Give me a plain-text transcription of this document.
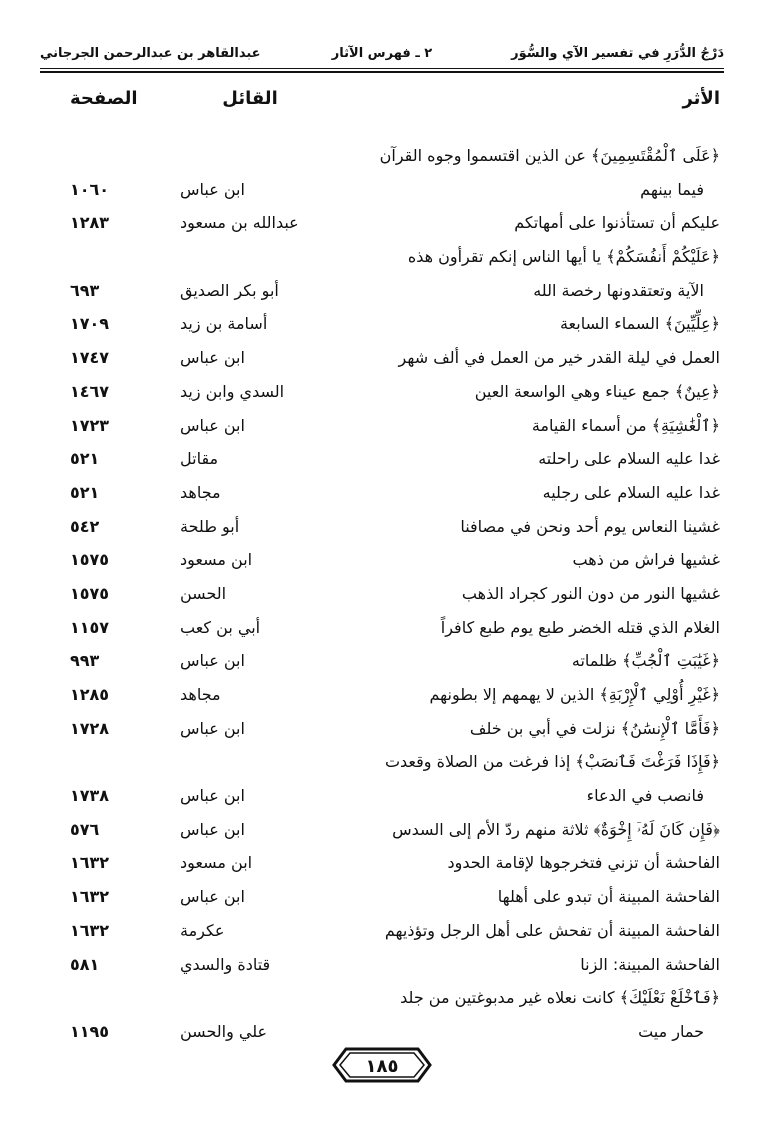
دَرْجُ الدُّرَرِ في تفسير الآي والسُّوَر
٢ ـ فهرس الآثار
عبدالقاهر بن عبدالرحمن الجرجاني
الأثر
القائل
الصفحة
﴿عَلَى ٱلْمُقْتَسِمِينَ﴾ عن الذين اقتسموا وجوه القرآن
فيما بينهم
ابن عباس
١٠٦٠
عليكم أن تستأذنوا على أمهاتكم
عبدالله بن مسعود
١٢٨٣
﴿عَلَيْكُمْ أَنفُسَكُمْ﴾ يا أيها الناس إنكم تقرأون هذه
الآية وتعتقدونها رخصة الله
أبو بكر الصديق
٦٩٣
﴿عِلِّيِّينَ﴾ السماء السابعة
أسامة بن زيد
١٧٠٩
العمل في ليلة القدر خير من العمل في ألف شهر
ابن عباس
١٧٤٧
﴿عِينٌ﴾ جمع عيناء وهي الواسعة العين
السدي وابن زيد
١٤٦٧
﴿ٱلْغَٰشِيَةِ﴾ من أسماء القيامة
ابن عباس
١٧٢٣
غدا عليه السلام على راحلته
مقاتل
٥٢١
غدا عليه السلام على رجليه
مجاهد
٥٢١
غشينا النعاس يوم أحد ونحن في مصافنا
أبو طلحة
٥٤٢
غشيها فراش من ذهب
ابن مسعود
١٥٧٥
غشيها النور من دون النور كجراد الذهب
الحسن
١٥٧٥
الغلام الذي قتله الخضر طبع يوم طبع كافراً
أبي بن كعب
١١٥٧
﴿غَيَٰبَتِ ٱلْجُبِّ﴾ ظلماته
ابن عباس
٩٩٣
﴿غَيْرِ أُوْلِي ٱلْإِرْبَةِ﴾ الذين لا يهمهم إلا بطونهم
مجاهد
١٢٨٥
﴿فَأَمَّا ٱلْإِنسَٰنُ﴾ نزلت في أبي بن خلف
ابن عباس
١٧٢٨
﴿فَإِذَا فَرَغْتَ فَٱنصَبْ﴾ إذا فرغت من الصلاة وقعدت
فانصب في الدعاء
ابن عباس
١٧٣٨
﴿فَإِن كَانَ لَهُۥٓ إِخْوَةٌ﴾ ثلاثة منهم ردّ الأم إلى السدس
ابن عباس
٥٧٦
الفاحشة أن تزني فتخرجوها لإقامة الحدود
ابن مسعود
١٦٣٢
الفاحشة المبينة أن تبدو على أهلها
ابن عباس
١٦٣٢
الفاحشة المبينة أن تفحش على أهل الرجل وتؤذيهم
عكرمة
١٦٣٢
الفاحشة المبينة: الزنا
قتادة والسدي
٥٨١
﴿فَٱخْلَعْ نَعْلَيْكَ﴾ كانت نعلاه غير مدبوغتين من جلد
حمار ميت
علي والحسن
١١٩٥
١٨٥
